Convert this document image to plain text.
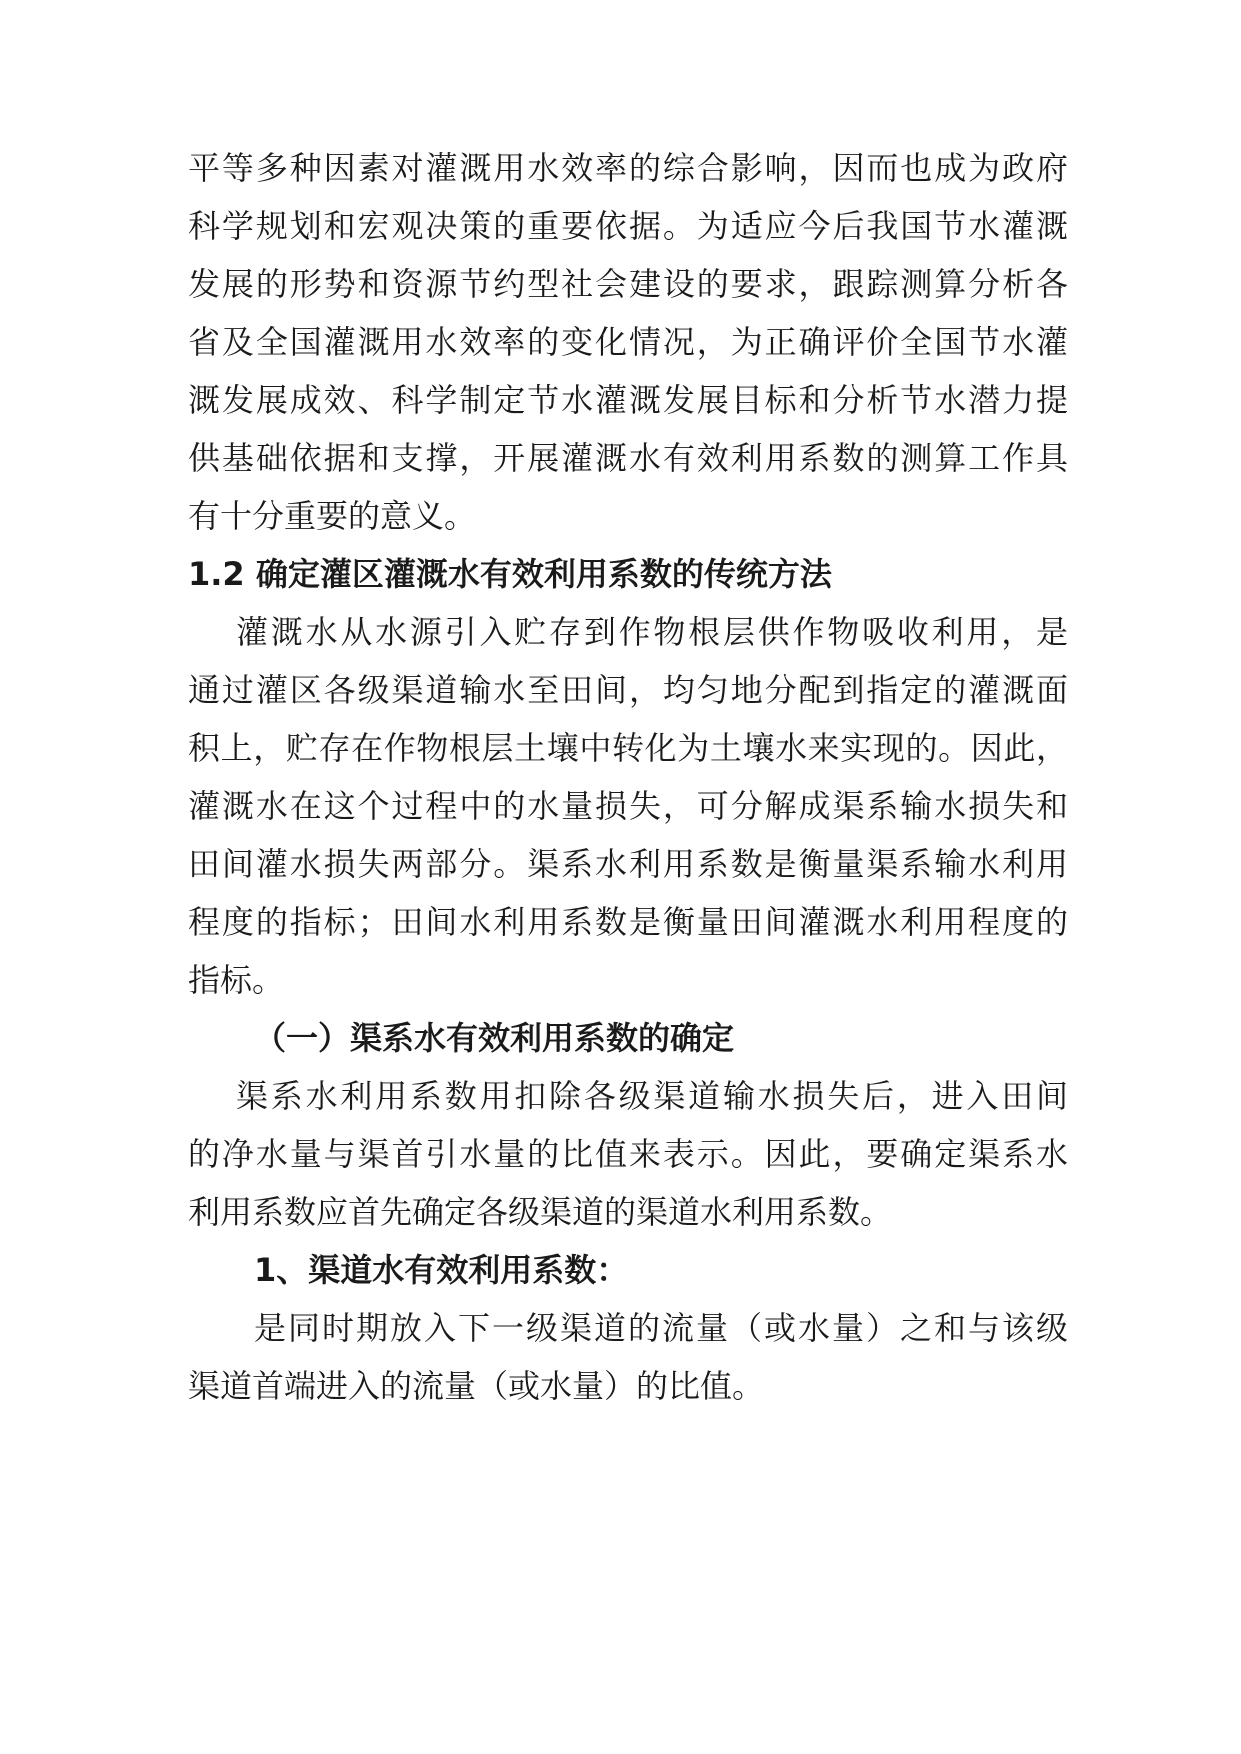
平等多种因素对灌溉用水效率的综合影响，因而也成为政府
科学规划和宏观决策的重要依据。为适应今后我国节水灌溉
发展的形势和资源节约型社会建设的要求，跟踪测算分析各
省及全国灌溉用水效率的变化情况，为正确评价全国节水灌
溉发展成效、科学制定节水灌溉发展目标和分析节水潜力提
供基础依据和支撑，开展灌溉水有效利用系数的测算工作具
有十分重要的意义。
1.2 确定灌区灌溉水有效利用系数的传统方法
灌溉水从水源引入贮存到作物根层供作物吸收利用，是
通过灌区各级渠道输水至田间，均匀地分配到指定的灌溉面
积上，贮存在作物根层土壤中转化为土壤水来实现的。因此，
灌溉水在这个过程中的水量损失，可分解成渠系输水损失和
田间灌水损失两部分。渠系水利用系数是衡量渠系输水利用
程度的指标；田间水利用系数是衡量田间灌溉水利用程度的
指标。
（一）渠系水有效利用系数的确定
渠系水利用系数用扣除各级渠道输水损失后，进入田间
的净水量与渠首引水量的比值来表示。因此，要确定渠系水
利用系数应首先确定各级渠道的渠道水利用系数。
1、渠道水有效利用系数：
是同时期放入下一级渠道的流量（或水量）之和与该级
渠道首端进入的流量（或水量）的比值。
